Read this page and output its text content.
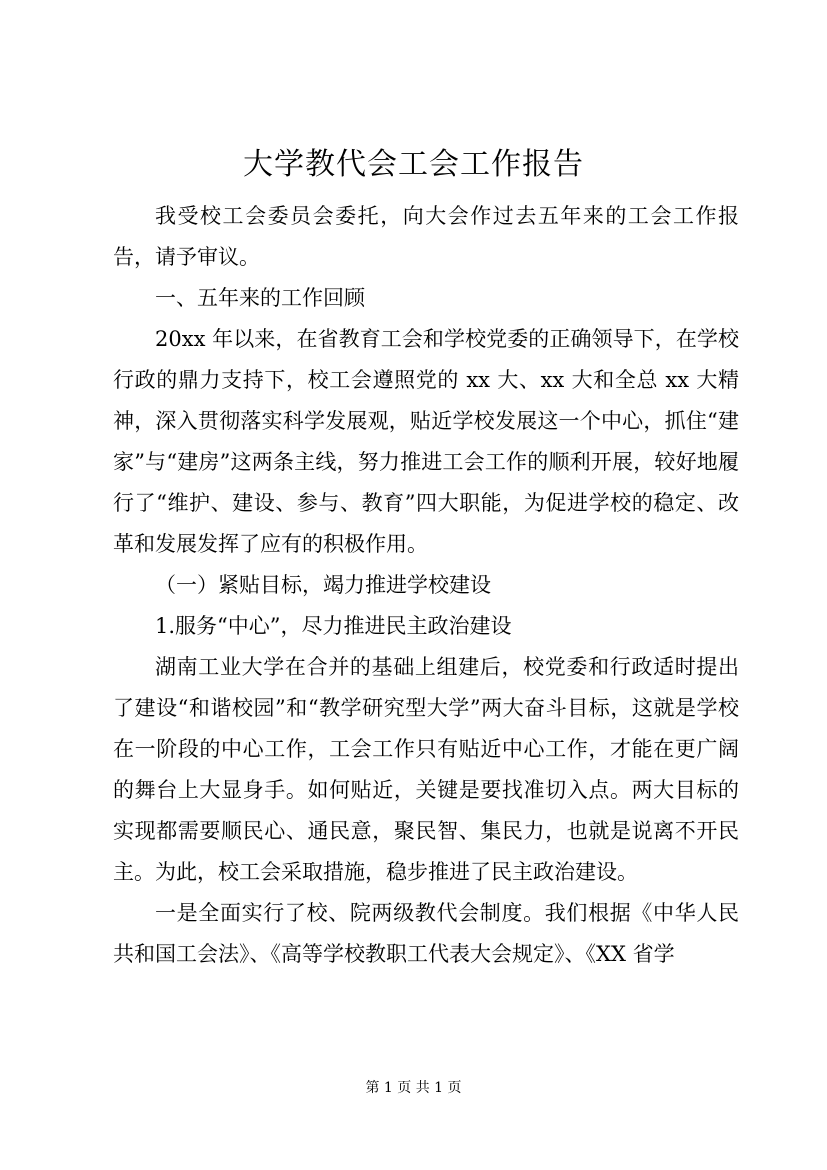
大学教代会工会工作报告

我受校工会委员会委托，向大会作过去五年来的工会工作报告，请予审议。

一、五年来的工作回顾

20xx 年以来，在省教育工会和学校党委的正确领导下，在学校行政的鼎力支持下，校工会遵照党的 xx 大、xx 大和全总 xx 大精神，深入贯彻落实科学发展观，贴近学校发展这一个中心，抓住“建家”与“建房”这两条主线，努力推进工会工作的顺利开展，较好地履行了“维护、建设、参与、教育”四大职能，为促进学校的稳定、改革和发展发挥了应有的积极作用。

（一）紧贴目标，竭力推进学校建设

1.服务“中心”，尽力推进民主政治建设

湖南工业大学在合并的基础上组建后，校党委和行政适时提出了建设“和谐校园”和“教学研究型大学”两大奋斗目标，这就是学校在一阶段的中心工作，工会工作只有贴近中心工作，才能在更广阔的舞台上大显身手。如何贴近，关键是要找准切入点。两大目标的实现都需要顺民心、通民意，聚民智、集民力，也就是说离不开民主。为此，校工会采取措施，稳步推进了民主政治建设。

一是全面实行了校、院两级教代会制度。我们根据《中华人民共和国工会法》、《高等学校教职工代表大会规定》、《XX 省学

第 1 页 共 1 页
